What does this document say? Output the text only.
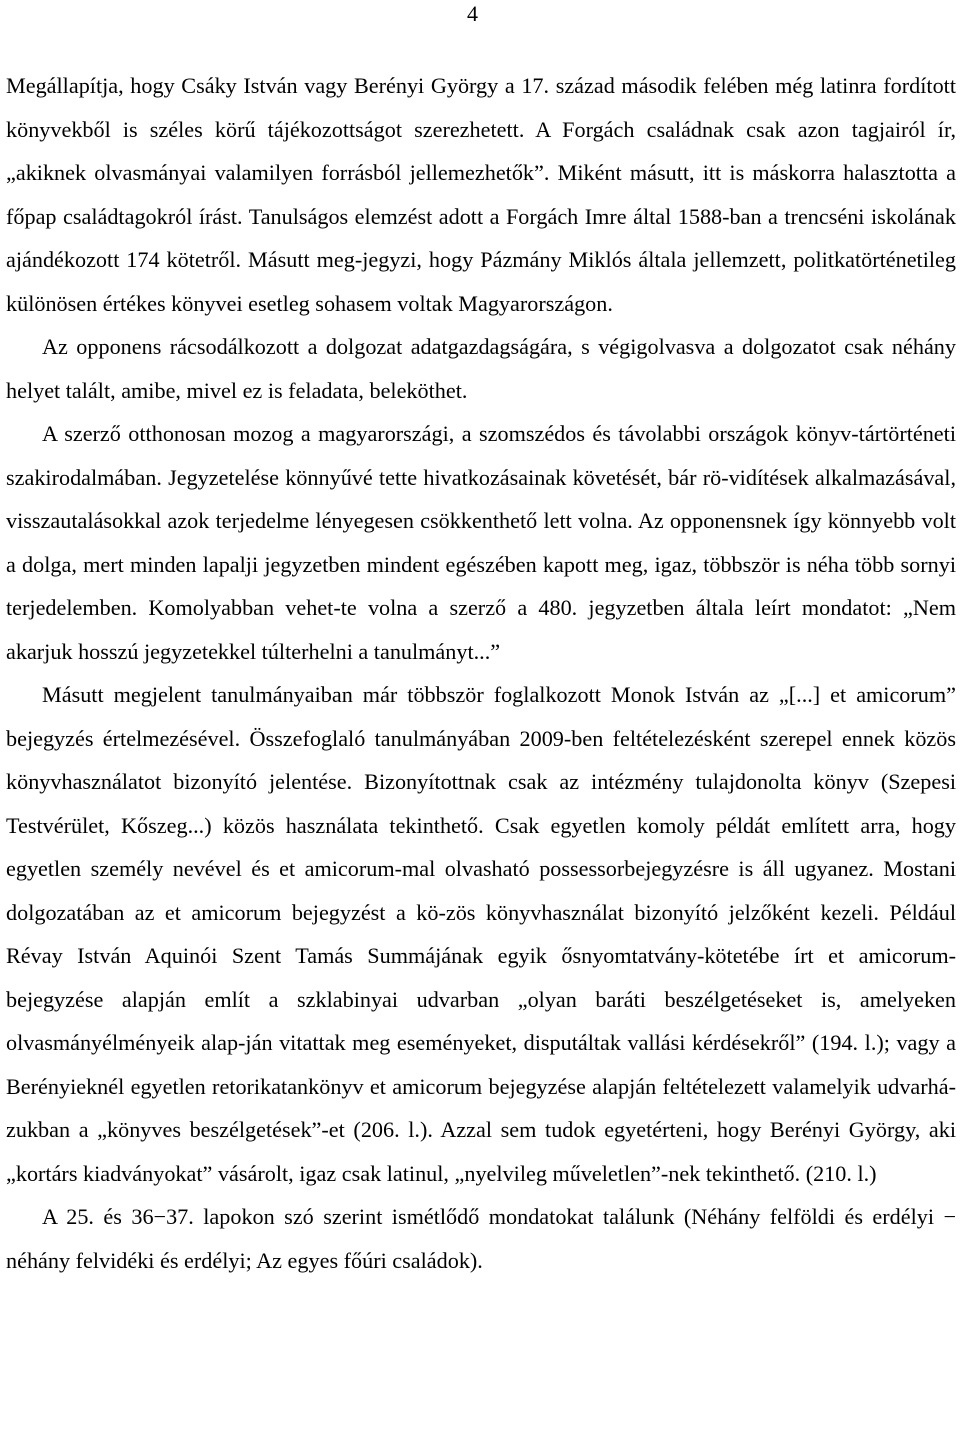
4

Megállapítja, hogy Csáky István vagy Berényi György a 17. század második felében még latinra fordított könyvekből is széles körű tájékozottságot szerezhetett. A Forgách családnak csak azon tagjairól ír, „akiknek olvasmányai valamilyen forrásból jellemezhetők”. Miként másutt, itt is máskorra halasztotta a főpap családtagokról írást. Tanulságos elemzést adott a Forgách Imre által 1588-ban a trencséni iskolának ajándékozott 174 kötetről. Másutt meg-jegyzi, hogy Pázmány Miklós általa jellemzett, politkatörténetileg különösen értékes könyvei esetleg sohasem voltak Magyarországon.

Az opponens rácsodálkozott a dolgozat adatgazdagságára, s végigolvasva a dolgozatot csak néhány helyet talált, amibe, mivel ez is feladata, beleköthet.

A szerző otthonosan mozog a magyarországi, a szomszédos és távolabbi országok könyv-tártörténeti szakirodalmában. Jegyzetelése könnyűvé tette hivatkozásainak követését, bár rö-vidítések alkalmazásával, visszautalásokkal azok terjedelme lényegesen csökkenthető lett volna. Az opponensnek így könnyebb volt a dolga, mert minden lapalji jegyzetben mindent egészében kapott meg, igaz, többször is néha több sornyi terjedelemben. Komolyabban vehet-te volna a szerző a 480. jegyzetben általa leírt mondatot: „Nem akarjuk hosszú jegyzetekkel túlterhelni a tanulmányt...”

Másutt megjelent tanulmányaiban már többször foglalkozott Monok István az „[...] et amicorum” bejegyzés értelmezésével. Összefoglaló tanulmányában 2009-ben feltételezésként szerepel ennek közös könyvhasználatot bizonyító jelentése. Bizonyítottnak csak az intézmény tulajdonolta könyv (Szepesi Testvérület, Kőszeg...) közös használata tekinthető. Csak egyetlen komoly példát említett arra, hogy egyetlen személy nevével és et amicorum-mal olvasható possessorbejegyzésre is áll ugyanez. Mostani dolgozatában az et amicorum bejegyzést a kö-zös könyvhasználat bizonyító jelzőként kezeli. Például Révay István Aquinói Szent Tamás Summájának egyik ősnyomtatvány-kötetébe írt et amicorum-bejegyzése alapján említ a szklabinyai udvarban „olyan baráti beszélgetéseket is, amelyeken olvasmányélményeik alap-ján vitattak meg eseményeket, disputáltak vallási kérdésekről” (194. l.); vagy a Berényieknél egyetlen retorikatankönyv et amicorum bejegyzése alapján feltételezett valamelyik udvarhá-zukban a „könyves beszélgetések”-et (206. l.). Azzal sem tudok egyetérteni, hogy Berényi György, aki „kortárs kiadványokat” vásárolt, igaz csak latinul, „nyelvileg műveletlen”-nek tekinthető. (210. l.)

A 25. és 36−37. lapokon szó szerint ismétlődő mondatokat találunk (Néhány felföldi és erdélyi − néhány felvidéki és erdélyi; Az egyes főúri családok).
